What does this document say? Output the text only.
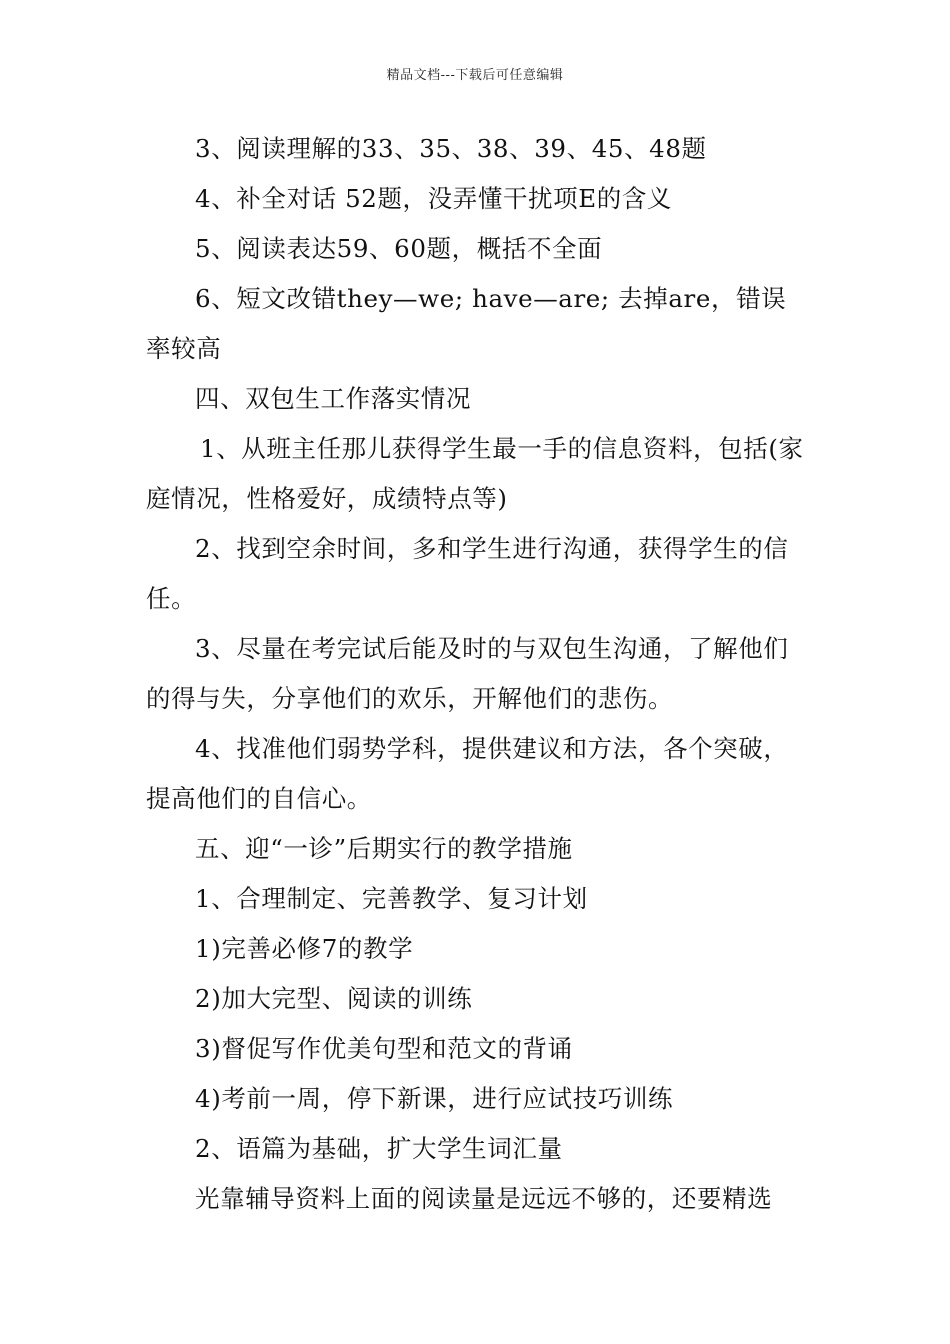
精品文档---下载后可任意编辑

3、阅读理解的33、35、38、39、45、48题

4、补全对话 52题，没弄懂干扰项E的含义

5、阅读表达59、60题，概括不全面

6、短文改错they—we; have—are; 去掉are，错误率较高

四、双包生工作落实情况

1、从班主任那儿获得学生最一手的信息资料，包括(家庭情况，性格爱好，成绩特点等)

2、找到空余时间，多和学生进行沟通，获得学生的信任。

3、尽量在考完试后能及时的与双包生沟通，了解他们的得与失，分享他们的欢乐，开解他们的悲伤。

4、找准他们弱势学科，提供建议和方法，各个突破，提高他们的自信心。

五、迎“一诊”后期实行的教学措施

1、合理制定、完善教学、复习计划

1)完善必修7的教学

2)加大完型、阅读的训练

3)督促写作优美句型和范文的背诵

4)考前一周，停下新课，进行应试技巧训练

2、语篇为基础，扩大学生词汇量

光靠辅导资料上面的阅读量是远远不够的，还要精选
